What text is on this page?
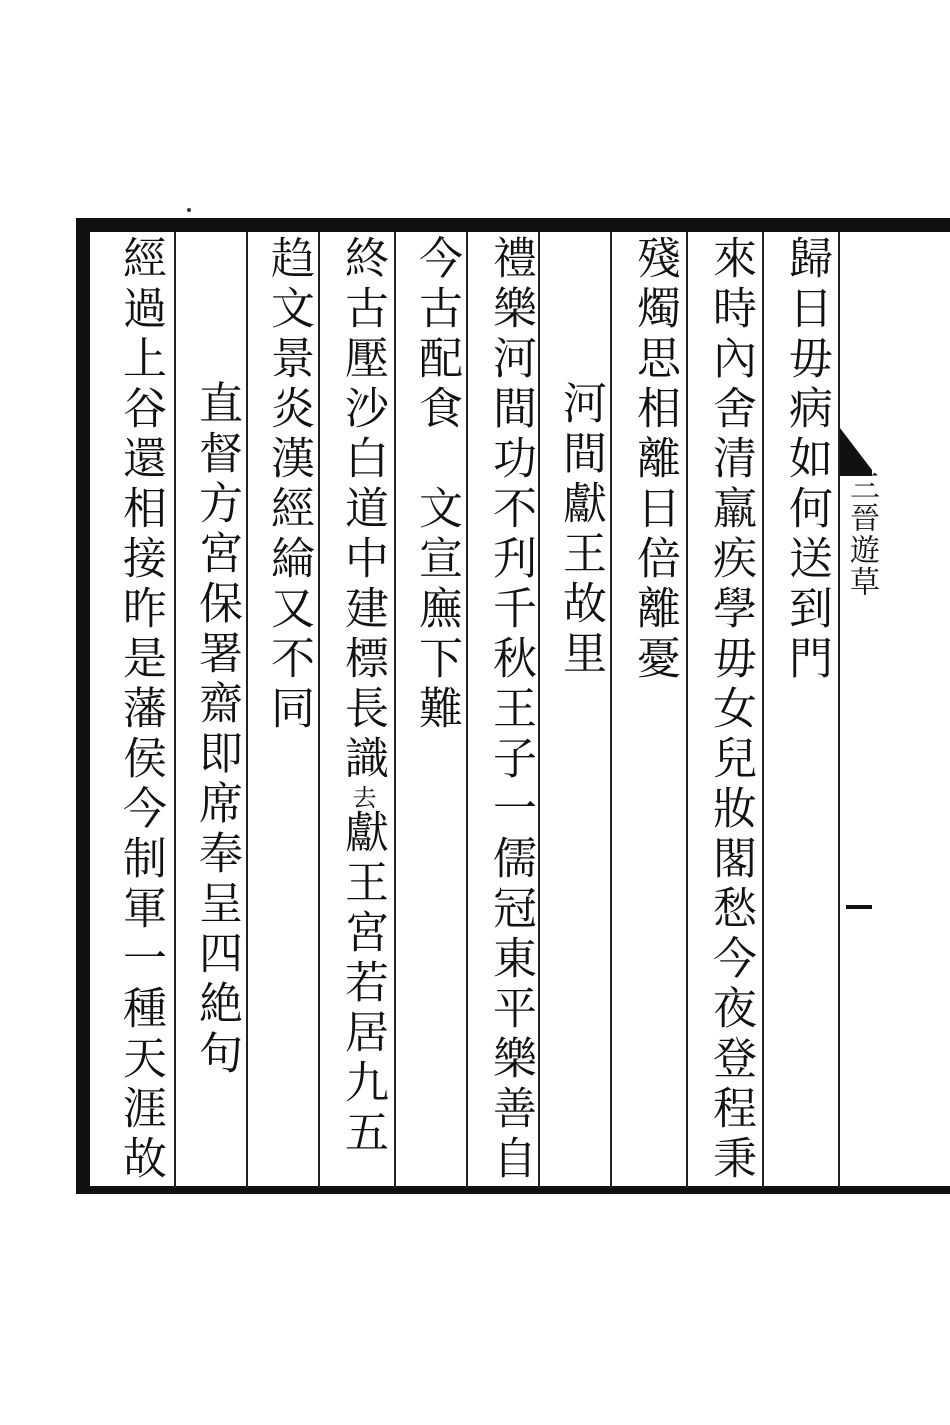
三晉遊草
歸日毋病如何送到門
來時內舍清羸疾學毋女兒妝閣愁今夜登程秉
殘燭思相離日倍離憂
河間獻王故里
禮樂河間功不刋千秋王子一儒冠東平樂善自
今古配食　文宣廡下難
終古壓沙白道中建標長識去獻王宮若居九五
趋文景炎漢經綸又不同
直督方宮保署齋即席奉呈四絶句
經過上谷還相接昨是藩侯今制軍一種天涯故
